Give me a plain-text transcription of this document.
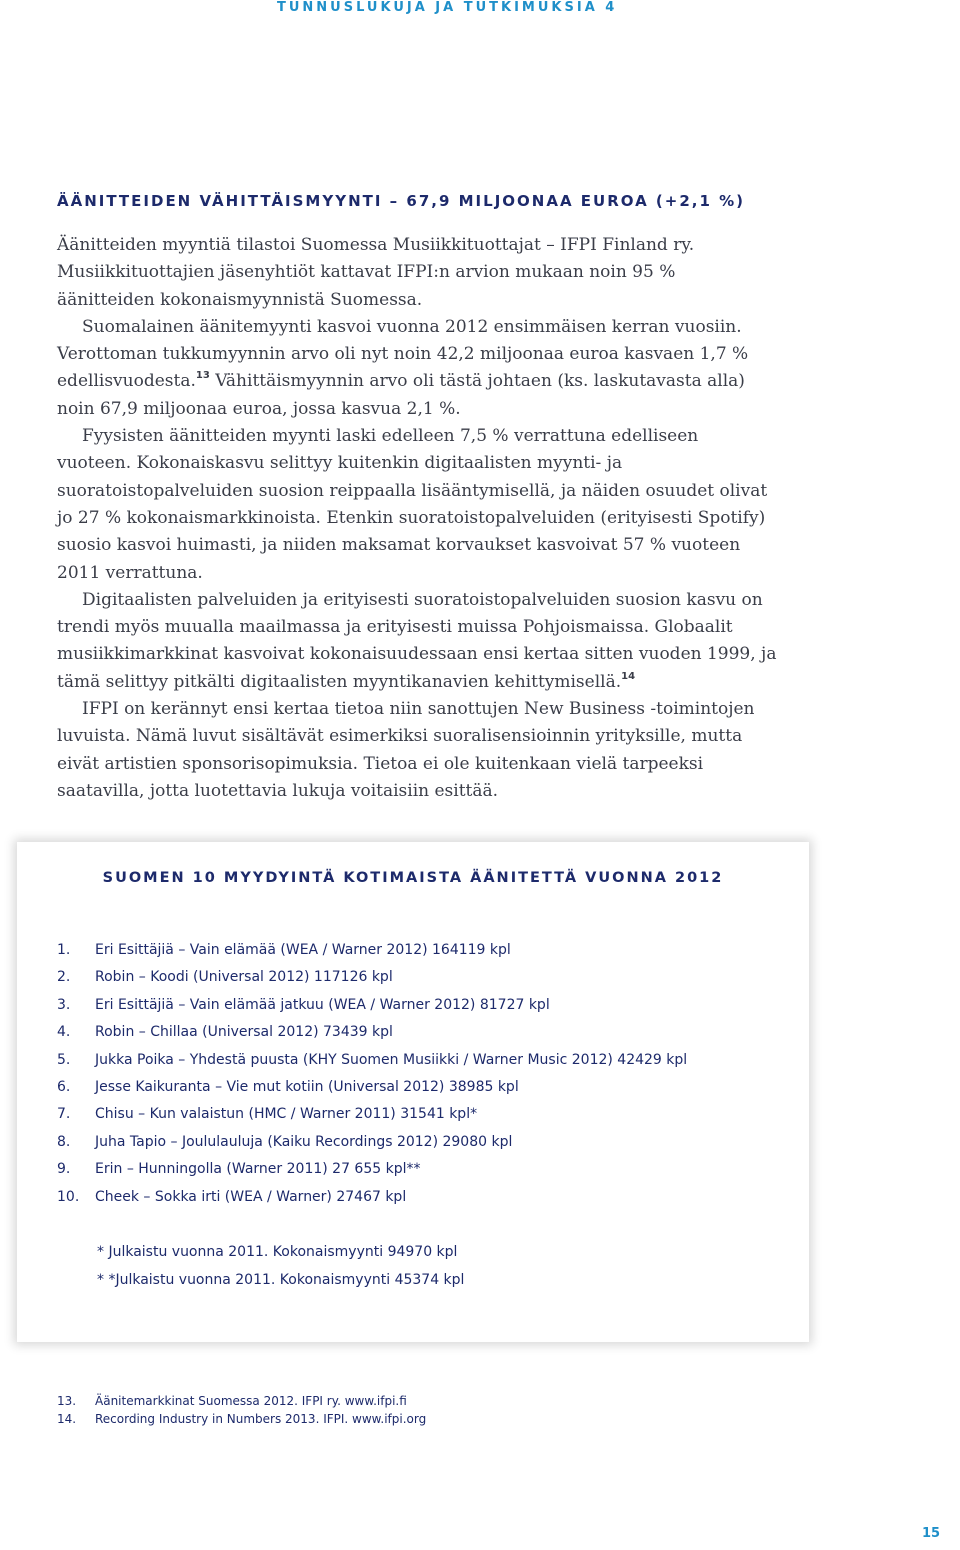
TUNNUSLUKUJA JA TUTKIMUKSIA 4
ÄÄNITTEIDEN VÄHITTÄISMYYNTI – 67,9 MILJOONAA EUROA (+2,1 %)

Äänitteiden myyntiä tilastoi Suomessa Musiikkituottajat – IFPI Finland ry. Musiikkituottajien jäsenyhtiöt kattavat IFPI:n arvion mukaan noin 95 % äänitteiden kokonaismyynnistä Suomessa.

Suomalainen äänitemyynti kasvoi vuonna 2012 ensimmäisen kerran vuosiin. Verottoman tukkumyynnin arvo oli nyt noin 42,2 miljoonaa euroa kasvaen 1,7 % edellisvuodesta.$^{13}$ Vähittäismyynnin arvo oli tästä johtaen (ks. laskutavasta alla) noin 67,9 miljoonaa euroa, jossa kasvua 2,1 %.

Fyysisten äänitteiden myynti laski edelleen 7,5 % verrattuna edelliseen vuoteen. Kokonaiskasvu selittyy kuitenkin digitaalisten myynti- ja suoratoistopalveluiden suosion reippaalla lisääntymisellä, ja näiden osuudet olivat jo 27 % kokonaismarkkinoista. Etenkin suoratoistopalveluiden (erityisesti Spotify) suosio kasvoi huimasti, ja niiden maksamat korvaukset kasvoivat 57 % vuoteen 2011 verrattuna.

Digitaalisten palveluiden ja erityisesti suoratoistopalveluiden suosion kasvu on trendi myös muualla maailmassa ja erityisesti muissa Pohjoismaissa. Globaalit musiikkimarkkinat kasvoivat kokonaisuudessaan ensi kertaa sitten vuoden 1999, ja tämä selittyy pitkälti digitaalisten myyntikanavien kehittymisellä.$^{14}$

IFPI on kerännyt ensi kertaa tietoa niin sanottujen New Business -toimintojen luvuista. Nämä luvut sisältävät esimerkiksi suoralisensioinnin yrityksille, mutta eivät artistien sponsorisopimuksia. Tietoa ei ole kuitenkaan vielä tarpeeksi saatavilla, jotta luotettavia lukuja voitaisiin esittää.

SUOMEN 10 MYYDYINTÄ KOTIMAISTA ÄÄNITETTÄ VUONNA 2012
1. Eri Esittäjiä – Vain elämää (WEA / Warner 2012) 164119 kpl
2. Robin – Koodi (Universal 2012) 117126 kpl
3. Eri Esittäjiä – Vain elämää jatkuu (WEA / Warner 2012) 81727 kpl
4. Robin – Chillaa (Universal 2012) 73439 kpl
5. Jukka Poika – Yhdestä puusta (KHY Suomen Musiikki / Warner Music 2012) 42429 kpl
6. Jesse Kaikuranta – Vie mut kotiin (Universal 2012) 38985 kpl
7. Chisu – Kun valaistun (HMC / Warner 2011) 31541 kpl*
8. Juha Tapio – Joululauluja (Kaiku Recordings 2012) 29080 kpl
9. Erin – Hunningolla (Warner 2011) 27 655 kpl**
10. Cheek – Sokka irti (WEA / Warner) 27467 kpl
* Julkaistu vuonna 2011. Kokonaismyynti 94970 kpl
* *Julkaistu vuonna 2011. Kokonaismyynti 45374 kpl
13. Äänitemarkkinat Suomessa 2012. IFPI ry. www.ifpi.fi
14. Recording Industry in Numbers 2013. IFPI. www.ifpi.org
15
